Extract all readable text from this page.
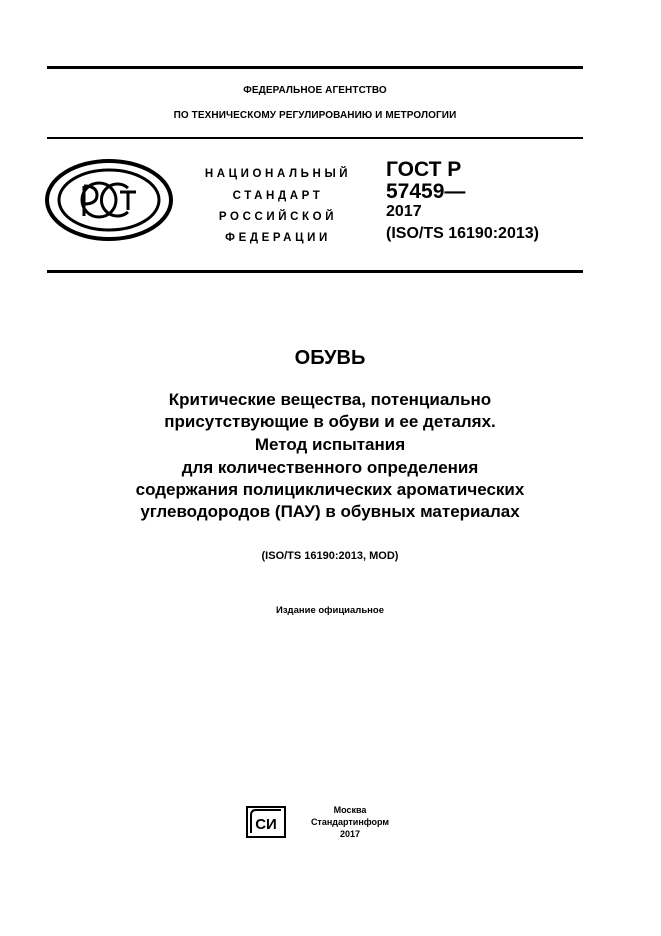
ФЕДЕРАЛЬНОЕ АГЕНТСТВО
ПО ТЕХНИЧЕСКОМУ РЕГУЛИРОВАНИЮ И МЕТРОЛОГИИ
НАЦИОНАЛЬНЫЙ
СТАНДАРТ
РОССИЙСКОЙ
ФЕДЕРАЦИИ
ГОСТ Р
57459—
2017
(ISO/TS 16190:2013)
ОБУВЬ
Критические вещества, потенциально
присутствующие в обуви и ее деталях.
Метод испытания
для количественного определения
содержания полициклических ароматических
углеводородов (ПАУ) в обувных материалах
(ISO/TS 16190:2013, MOD)
Издание официальное
СИ
Москва
Стандартинформ
2017
